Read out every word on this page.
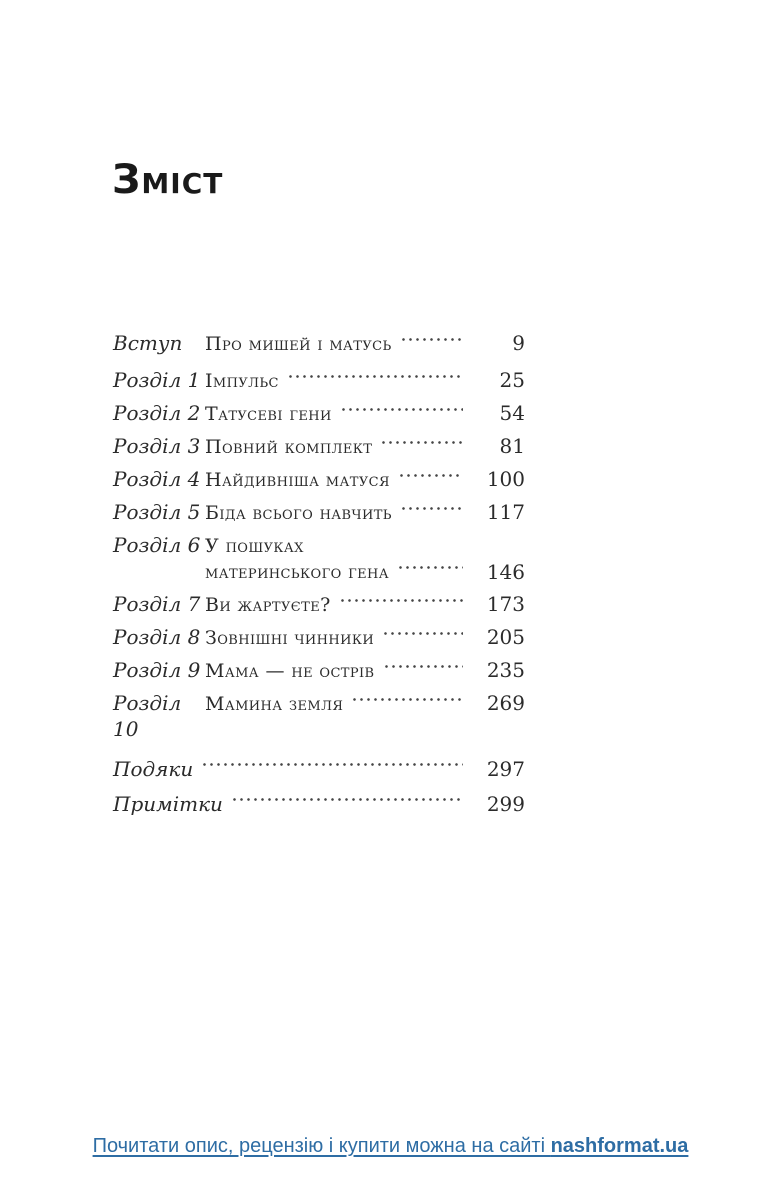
Зміст
Вступ	Про мишей і матусь	9
Розділ 1 Імпульс	25
Розділ 2 Татусеві гени	54
Розділ 3 Повний комплект	81
Розділ 4 Найдивніша матуся	100
Розділ 5 Біда всього навчить	117
Розділ 6 У пошуках
материнського гена	146
Розділ 7 Ви жартуєте?	173
Розділ 8 Зовнішні чинники	205
Розділ 9 Мама — не острів	235
Розділ 10
Мамина земля	269
Подяки	297
Примітки	299
Почитати опис, рецензію і купити можна на сайті nashformat.ua
